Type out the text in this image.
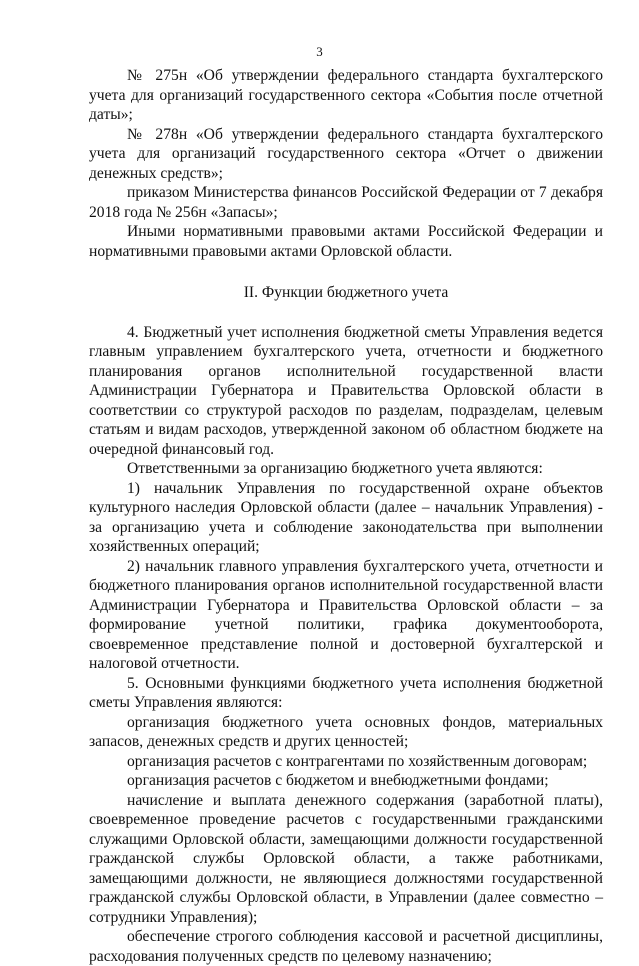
3

№ 275н «Об утверждении федерального стандарта бухгалтерского учета для организаций государственного сектора «События после отчетной даты»;

№ 278н «Об утверждении федерального стандарта бухгалтерского учета для организаций государственного сектора «Отчет о движении денежных средств»;

приказом Министерства финансов Российской Федерации от 7 декабря 2018 года № 256н «Запасы»;

Иными нормативными правовыми актами Российской Федерации и нормативными правовыми актами Орловской области.

II. Функции бюджетного учета

4. Бюджетный учет исполнения бюджетной сметы Управления ведется главным управлением бухгалтерского учета, отчетности и бюджетного планирования органов исполнительной государственной власти Администрации Губернатора и Правительства Орловской области в соответствии со структурой расходов по разделам, подразделам, целевым статьям и видам расходов, утвержденной законом об областном бюджете на очередной финансовый год.

Ответственными за организацию бюджетного учета являются:

1) начальник Управления по государственной охране объектов культурного наследия Орловской области (далее – начальник Управления) - за организацию учета и соблюдение законодательства при выполнении хозяйственных операций;

2) начальник главного управления бухгалтерского учета, отчетности и бюджетного планирования органов исполнительной государственной власти Администрации Губернатора и Правительства Орловской области – за формирование учетной политики, графика документооборота, своевременное представление полной и достоверной бухгалтерской и налоговой отчетности.

5. Основными функциями бюджетного учета исполнения бюджетной сметы Управления являются:

организация бюджетного учета основных фондов, материальных запасов, денежных средств и других ценностей;

организация расчетов с контрагентами по хозяйственным договорам;

организация расчетов с бюджетом и внебюджетными фондами;

начисление и выплата денежного содержания (заработной платы), своевременное проведение расчетов с государственными гражданскими служащими Орловской области, замещающими должности государственной гражданской службы Орловской области, а также работниками, замещающими должности, не являющиеся должностями государственной гражданской службы Орловской области, в Управлении (далее совместно – сотрудники Управления);

обеспечение строгого соблюдения кассовой и расчетной дисциплины, расходования полученных средств по целевому назначению;
